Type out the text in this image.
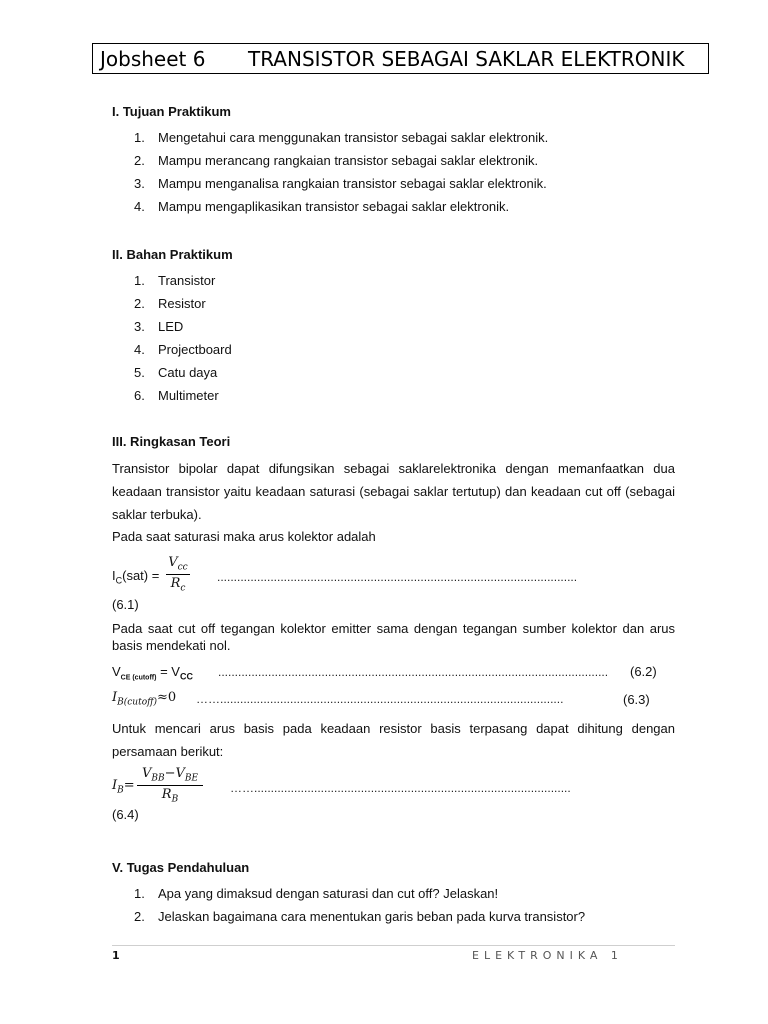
Jobsheet 6	TRANSISTOR SEBAGAI SAKLAR ELEKTRONIK
I. Tujuan Praktikum
1.	Mengetahui cara menggunakan transistor sebagai saklar elektronik.
2.	Mampu merancang rangkaian transistor sebagai saklar elektronik.
3.	Mampu menganalisa rangkaian transistor sebagai saklar elektronik.
4.	Mampu mengaplikasikan transistor sebagai saklar elektronik.
II. Bahan Praktikum
1.	Transistor
2.	Resistor
3.	LED
4.	Projectboard
5.	Catu daya
6.	Multimeter
III. Ringkasan Teori
Transistor bipolar dapat difungsikan sebagai saklarelektronika dengan memanfaatkan dua keadaan transistor yaitu keadaan saturasi (sebagai saklar tertutup) dan keadaan cut off (sebagai saklar terbuka).
Pada saat saturasi maka arus kolektor adalah
$I_C(sat)$ =
$V_{cc}$
$R_c$
............................................................................................................
(6.1)
Pada saat cut off tegangan kolektor emitter sama dengan tegangan sumber kolektor dan arus basis mendekati nol.
$V_{CE (cutoff)} = V_{CC}$ .....................................................................................................................	(6.2)
$I_{B(cutoff)}\approx 0$ …….......................................................................................................	(6.3)
Untuk mencari arus basis pada keadaan resistor basis terpasang dapat dihitung dengan persamaan berikut:
$I_B=$
$V_{BB}-V_{BE}$
$R_B$
……...............................................................................................
(6.4)
V. Tugas Pendahuluan
1.	Apa yang dimaksud dengan saturasi dan cut off? Jelaskan!
2.	Jelaskan bagaimana cara menentukan garis beban pada kurva transistor?
1	ELEKTRONIKA 1
